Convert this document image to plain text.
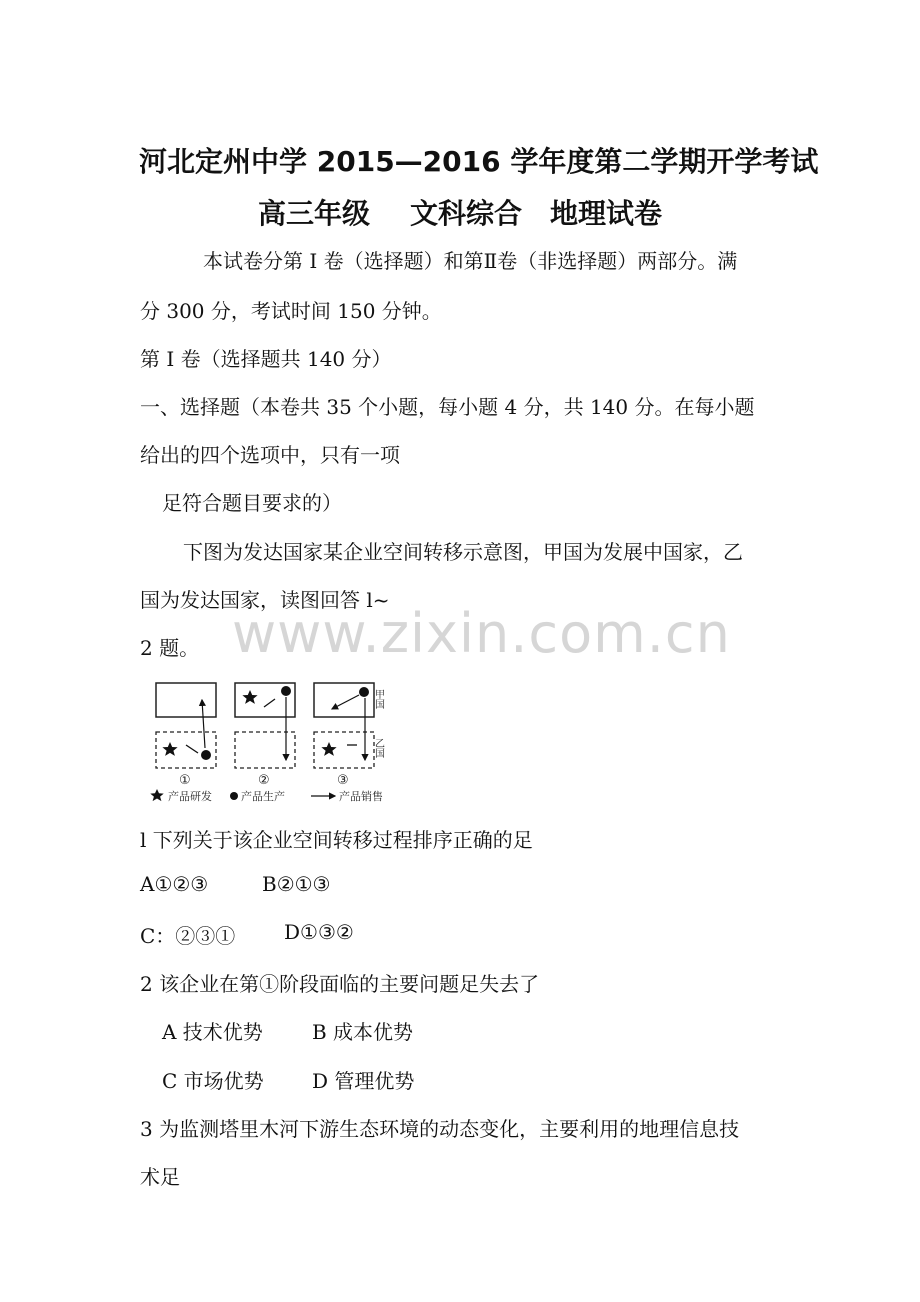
河北定州中学 2015—2016 学年度第二学期开学考试
高三年级 文科综合 地理试卷
本试卷分第 I 卷（选择题）和第Ⅱ卷（非选择题）两部分。满
分 300 分，考试时间 150 分钟。
第 I 卷（选择题共 140 分）
一、选择题（本卷共 35 个小题，每小题 4 分，共 140 分。在每小题
给出的四个选项中，只有一项
足符合题目要求的）
下图为发达国家某企业空间转移示意图，甲国为发展中国家，乙
国为发达国家，读图回答 l~
2 题。 www.zixin.com.cn
甲国
乙国
①	②	③
产品研发	产品生产	产品销售
l 下列关于该企业空间转移过程排序正确的足
A①②③	B②①③
C：②③① D①③②
2 该企业在第①阶段面临的主要问题足失去了
A 技术优势 B 成本优势
C 市场优势 D 管理优势
3 为监测塔里木河下游生态环境的动态变化，主要利用的地理信息技
术足
